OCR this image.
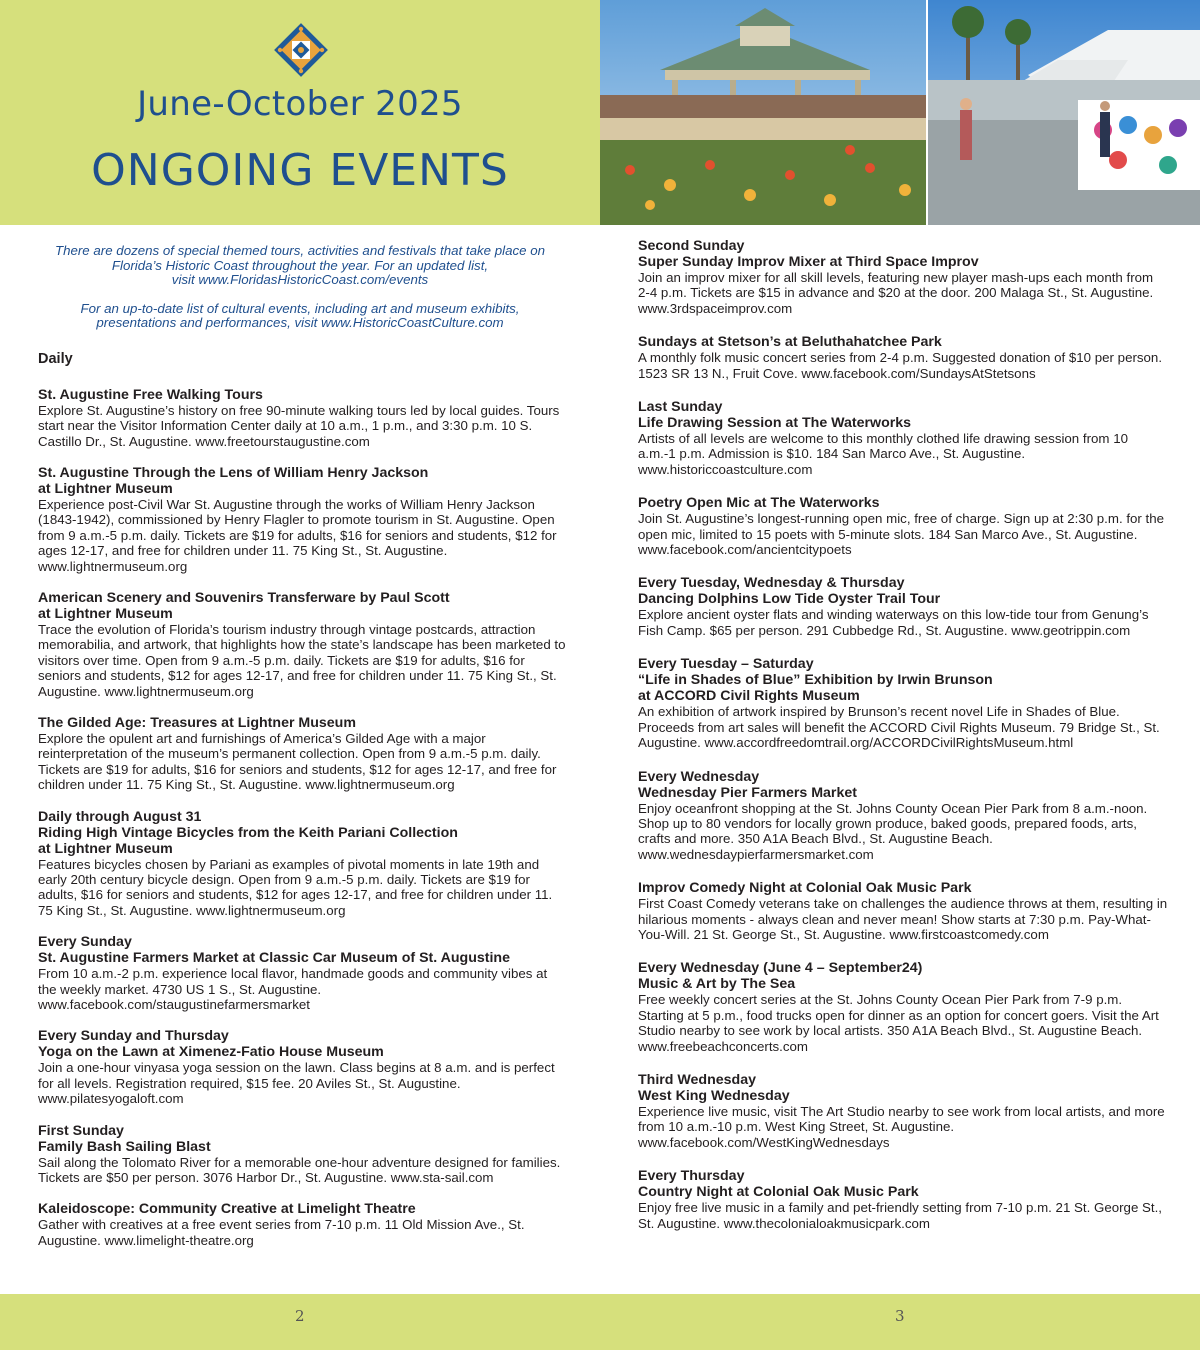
June-October 2025
ONGOING EVENTS

There are dozens of special themed tours, activities and festivals that take place on
Florida’s Historic Coast throughout the year. For an updated list,
visit www.FloridasHistoricCoast.com/events

For an up-to-date list of cultural events, including art and museum exhibits,
presentations and performances, visit www.HistoricCoastCulture.com

Daily
St. Augustine Free Walking Tours
Explore St. Augustine’s history on free 90-minute walking tours led by local guides. Tours start near the Visitor Information Center daily at 10 a.m., 1 p.m., and 3:30 p.m. 10 S. Castillo Dr., St. Augustine. www.freetourstaugustine.com
St. Augustine Through the Lens of William Henry Jackson
at Lightner Museum
Experience post-Civil War St. Augustine through the works of William Henry Jackson (1843-1942), commissioned by Henry Flagler to promote tourism in St. Augustine. Open from 9 a.m.-5 p.m. daily. Tickets are $19 for adults, $16 for seniors and students, $12 for ages 12-17, and free for children under 11. 75 King St., St. Augustine. www.lightnermuseum.org
American Scenery and Souvenirs Transferware by Paul Scott
at Lightner Museum
Trace the evolution of Florida’s tourism industry through vintage postcards, attraction memorabilia, and artwork, that highlights how the state’s landscape has been marketed to visitors over time. Open from 9 a.m.-5 p.m. daily. Tickets are $19 for adults, $16 for seniors and students, $12 for ages 12-17, and free for children under 11. 75 King St., St. Augustine. www.lightnermuseum.org
The Gilded Age: Treasures at Lightner Museum
Explore the opulent art and furnishings of America’s Gilded Age with a major reinterpretation of the museum’s permanent collection. Open from 9 a.m.-5 p.m. daily. Tickets are $19 for adults, $16 for seniors and students, $12 for ages 12-17, and free for children under 11. 75 King St., St. Augustine. www.lightnermuseum.org
Daily through August 31
Riding High Vintage Bicycles from the Keith Pariani Collection
at Lightner Museum
Features bicycles chosen by Pariani as examples of pivotal moments in late 19th and early 20th century bicycle design. Open from 9 a.m.-5 p.m. daily. Tickets are $19 for adults, $16 for seniors and students, $12 for ages 12-17, and free for children under 11. 75 King St., St. Augustine. www.lightnermuseum.org
Every Sunday
St. Augustine Farmers Market at Classic Car Museum of St. Augustine
From 10 a.m.-2 p.m. experience local flavor, handmade goods and community vibes at the weekly market. 4730 US 1 S., St. Augustine. www.facebook.com/staugustinefarmersmarket
Every Sunday and Thursday
Yoga on the Lawn at Ximenez-Fatio House Museum
Join a one-hour vinyasa yoga session on the lawn. Class begins at 8 a.m. and is perfect for all levels. Registration required, $15 fee. 20 Aviles St., St. Augustine. www.pilatesyogaloft.com
First Sunday
Family Bash Sailing Blast
Sail along the Tolomato River for a memorable one-hour adventure designed for families. Tickets are $50 per person. 3076 Harbor Dr., St. Augustine. www.sta-sail.com
Kaleidoscope: Community Creative at Limelight Theatre
Gather with creatives at a free event series from 7-10 p.m. 11 Old Mission Ave., St. Augustine. www.limelight-theatre.org
Second Sunday
Super Sunday Improv Mixer at Third Space Improv
Join an improv mixer for all skill levels, featuring new player mash-ups each month from 2-4 p.m. Tickets are $15 in advance and $20 at the door. 200 Malaga St., St. Augustine. www.3rdspaceimprov.com
Sundays at Stetson’s at Beluthahatchee Park
A monthly folk music concert series from 2-4 p.m. Suggested donation of $10 per person. 1523 SR 13 N., Fruit Cove. www.facebook.com/SundaysAtStetsons
Last Sunday
Life Drawing Session at The Waterworks
Artists of all levels are welcome to this monthly clothed life drawing session from 10 a.m.-1 p.m. Admission is $10. 184 San Marco Ave., St. Augustine. www.historiccoastculture.com
Poetry Open Mic at The Waterworks
Join St. Augustine’s longest-running open mic, free of charge. Sign up at 2:30 p.m. for the open mic, limited to 15 poets with 5-minute slots. 184 San Marco Ave., St. Augustine. www.facebook.com/ancientcitypoets
Every Tuesday, Wednesday & Thursday
Dancing Dolphins Low Tide Oyster Trail Tour
Explore ancient oyster flats and winding waterways on this low-tide tour from Genung’s Fish Camp. $65 per person. 291 Cubbedge Rd., St. Augustine. www.geotrippin.com
Every Tuesday – Saturday
“Life in Shades of Blue” Exhibition by Irwin Brunson
at ACCORD Civil Rights Museum
An exhibition of artwork inspired by Brunson’s recent novel Life in Shades of Blue. Proceeds from art sales will benefit the ACCORD Civil Rights Museum. 79 Bridge St., St. Augustine. www.accordfreedomtrail.org/ACCORDCivilRightsMuseum.html
Every Wednesday
Wednesday Pier Farmers Market
Enjoy oceanfront shopping at the St. Johns County Ocean Pier Park from 8 a.m.-noon. Shop up to 80 vendors for locally grown produce, baked goods, prepared foods, arts, crafts and more. 350 A1A Beach Blvd., St. Augustine Beach. www.wednesdaypierfarmersmarket.com
Improv Comedy Night at Colonial Oak Music Park
First Coast Comedy veterans take on challenges the audience throws at them, resulting in hilarious moments - always clean and never mean! Show starts at 7:30 p.m. Pay-What-You-Will. 21 St. George St., St. Augustine. www.firstcoastcomedy.com
Every Wednesday (June 4 – September24)
Music & Art by The Sea
Free weekly concert series at the St. Johns County Ocean Pier Park from 7-9 p.m. Starting at 5 p.m., food trucks open for dinner as an option for concert goers. Visit the Art Studio nearby to see work by local artists. 350 A1A Beach Blvd., St. Augustine Beach. www.freebeachconcerts.com
Third Wednesday
West King Wednesday
Experience live music, visit The Art Studio nearby to see work from local artists, and more from 10 a.m.-10 p.m. West King Street, St. Augustine. www.facebook.com/WestKingWednesdays
Every Thursday
Country Night at Colonial Oak Music Park
Enjoy free live music in a family and pet-friendly setting from 7-10 p.m. 21 St. George St., St. Augustine. www.thecolonialoakmusicpark.com
2	3
